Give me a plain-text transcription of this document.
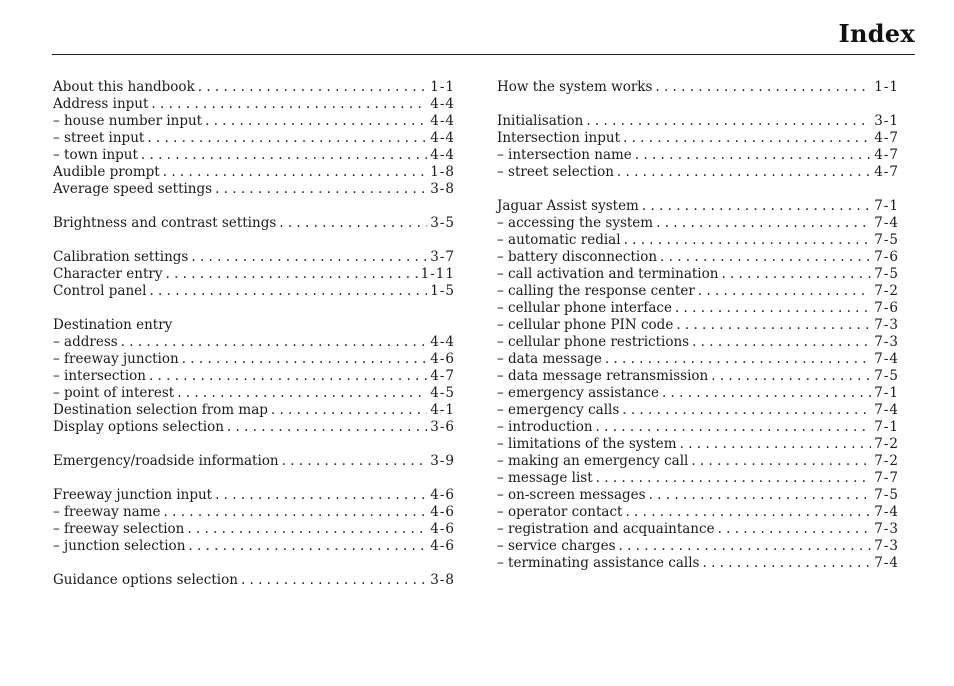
Index
About this handbook . . .	1-1
Address input . . .	4-4
– house number input . . .	4-4
– street input . . .	4-4
– town input . . .	4-4
Audible prompt . . .	1-8
Average speed settings . . .	3-8
Brightness and contrast settings . . .	3-5
Calibration settings . . .	3-7
Character entry . . .	1-11
Control panel . . .	1-5
Destination entry
– address . . .	4-4
– freeway junction . . .	4-6
– intersection . . .	4-7
– point of interest . . .	4-5
Destination selection from map . . .	4-1
Display options selection . . .	3-6
Emergency/roadside information . . .	3-9
Freeway junction input . . .	4-6
– freeway name . . .	4-6
– freeway selection . . .	4-6
– junction selection . . .	4-6
Guidance options selection . . .	3-8
How the system works . . .	1-1
Initialisation . . .	3-1
Intersection input . . .	4-7
– intersection name . . .	4-7
– street selection . . .	4-7
Jaguar Assist system . . .	7-1
– accessing the system . . .	7-4
– automatic redial . . .	7-5
– battery disconnection . . .	7-6
– call activation and termination . . .	7-5
– calling the response center . . .	7-2
– cellular phone interface . . .	7-6
– cellular phone PIN code . . .	7-3
– cellular phone restrictions . . .	7-3
– data message . . .	7-4
– data message retransmission . . .	7-5
– emergency assistance . . .	7-1
– emergency calls . . .	7-4
– introduction . . .	7-1
– limitations of the system . . .	7-2
– making an emergency call . . .	7-2
– message list . . .	7-7
– on-screen messages . . .	7-5
– operator contact . . .	7-4
– registration and acquaintance . . .	7-3
– service charges . . .	7-3
– terminating assistance calls . . .	7-4
